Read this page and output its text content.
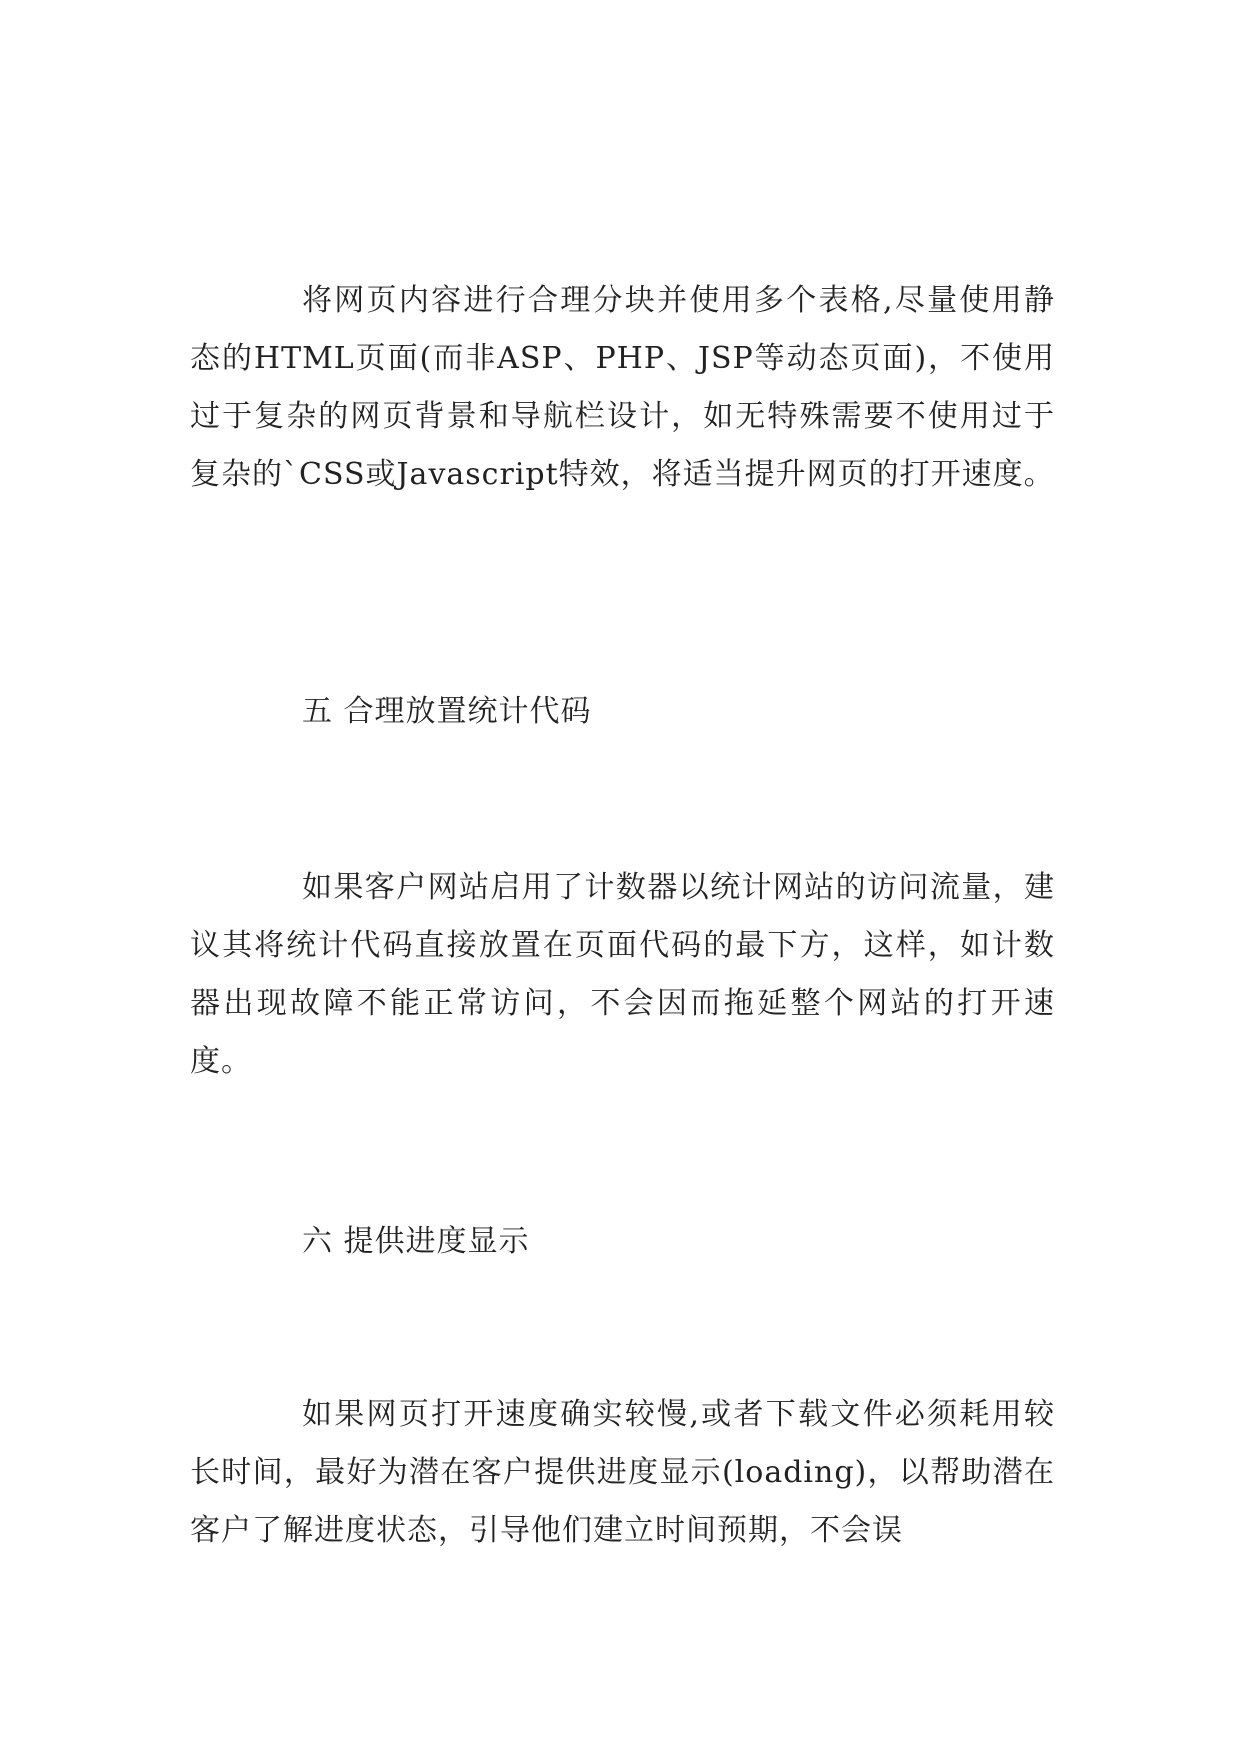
将网页内容进行合理分块并使用多个表格,尽量使用静态的HTML页面(而非ASP、PHP、JSP等动态页面)，不使用过于复杂的网页背景和导航栏设计，如无特殊需要不使用过于复杂的`CSS或Javascript特效，将适当提升网页的打开速度。

五 合理放置统计代码

如果客户网站启用了计数器以统计网站的访问流量，建议其将统计代码直接放置在页面代码的最下方，这样，如计数器出现故障不能正常访问，不会因而拖延整个网站的打开速度。

六 提供进度显示

如果网页打开速度确实较慢,或者下载文件必须耗用较长时间，最好为潜在客户提供进度显示(loading)，以帮助潜在客户了解进度状态，引导他们建立时间预期，不会误
